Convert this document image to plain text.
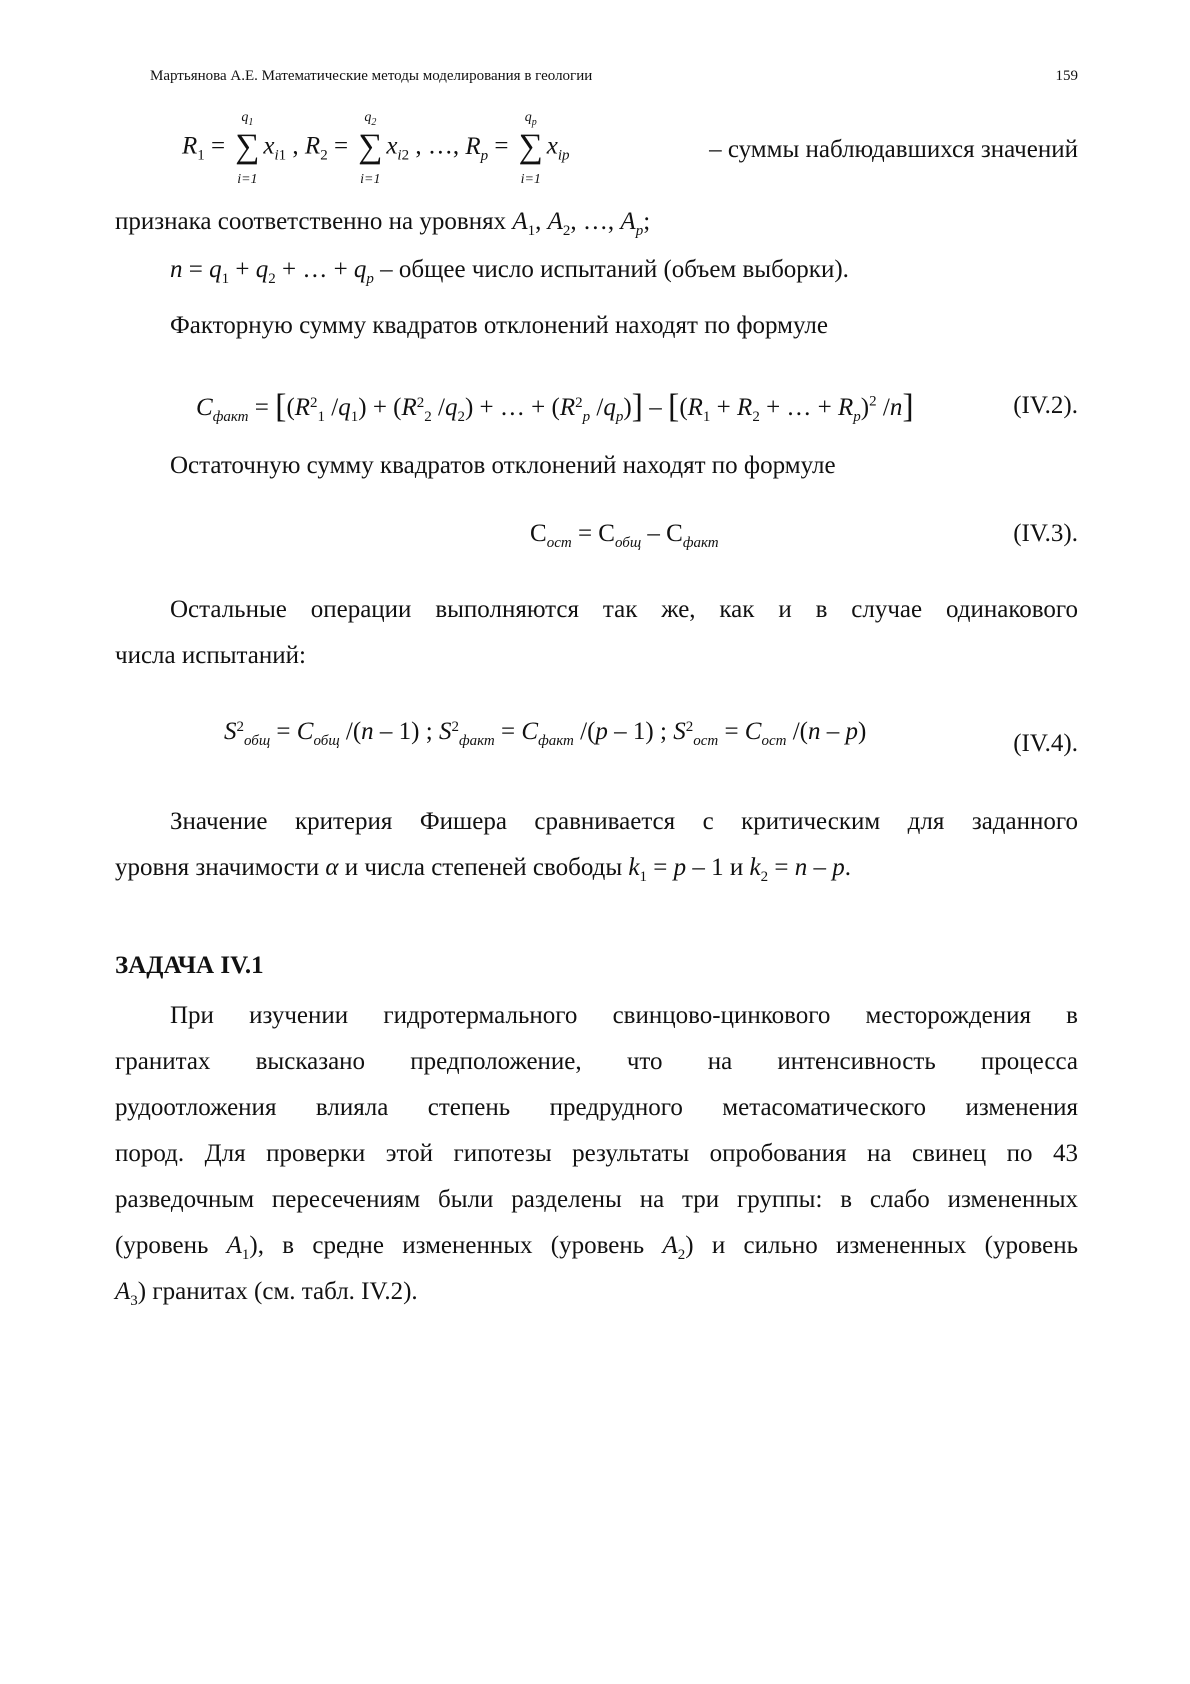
Мартьянова А.Е. Математические методы моделирования в геологии	159
$R_1$ =
$q_1$
∑
i=1
$x_{i1}$ , $R_2$ =
$q_2$
∑
i=1
$x_{i2}$ , …, $R_p$ =
$q_p$
∑
i=1
$x_{ip}$	– суммы наблюдавшихся значений
признака соответственно на уровнях $A_1$, $A_2$, …, $A_p$;
$n = q_1 + q_2$ + … + $q_p$ – общее число испытаний (объем выборки).
Факторную сумму квадратов отклонений находят по формуле
$C_{факт} = [(R_{21}$ $/q_1) + (R_{22}$ $/q_2$) + … + ($R_{2p}$ $/q_p)] - [(R_1 + R_2$ + … + $R_p)^2$ /n]	(IV.2).
Остаточную сумму квадратов отклонений находят по формуле
$C_{ост} = C_{общ} - C_{факт}$	(IV.3).
Остальные операции выполняются так же, как и в случае одинакового
числа испытаний:
$S_{2общ} = C_{общ}$ /(n – 1) ; $S_{2факт} = C_{факт}$ /(p – 1) ; $S_{2ост} = C_{ост}$ /(n – p)	(IV.4).
Значение критерия Фишера сравнивается с критическим для заданного
уровня значимости α и числа степеней свободы $k_1 = p - 1$ и $k_2 = n - p$.
ЗАДАЧА IV.1
При изучении гидротермального свинцово-цинкового месторождения в
гранитах высказано предположение, что на интенсивность процесса
рудоотложения влияла степень предрудного метасоматического изменения
пород. Для проверки этой гипотезы результаты опробования на свинец по 43
разведочным пересечениям были разделены на три группы: в слабо измененных
(уровень $A_1$), в средне измененных (уровень $A_2$) и сильно измененных (уровень
$A_3$) гранитах (см. табл. IV.2).
